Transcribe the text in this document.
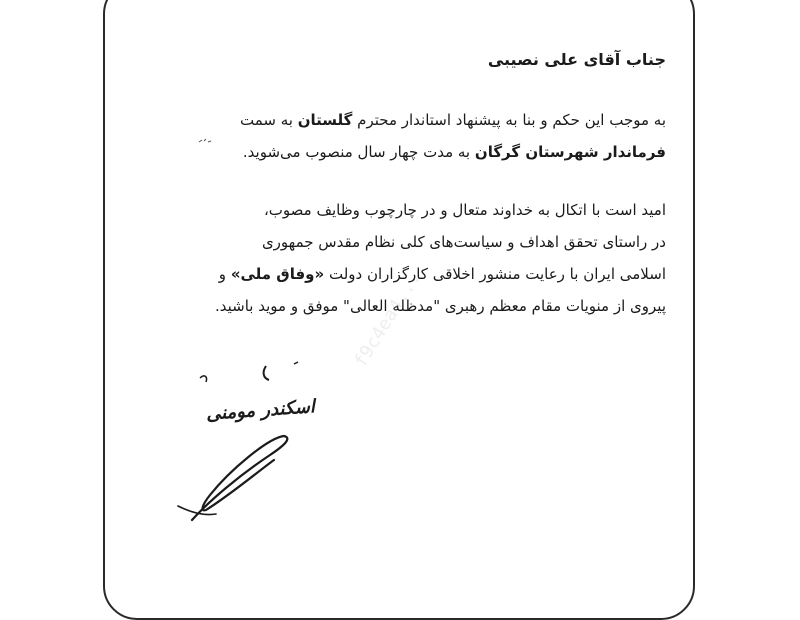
جناب آقای علی نصیبی
به موجب این حکم و بنا به پیشنهاد استاندار محترم گلستان به سمت
فرماندار شهرستان گرگان به مدت چهار سال منصوب می‌شوید.
امید است با اتکال به خداوند متعال و در چارچوب وظایف مصوب،
در راستای تحقق اهداف و سیاست‌های کلی نظام مقدس جمهوری
اسلامی ایران با رعایت منشور اخلاقی کارگزاران دولت «وفاق ملی» و
پیروی از منویات مقام معظم رهبری "مدظله العالی" موفق و موید باشید.
f9c4ea4...
اسکندر مومنی
